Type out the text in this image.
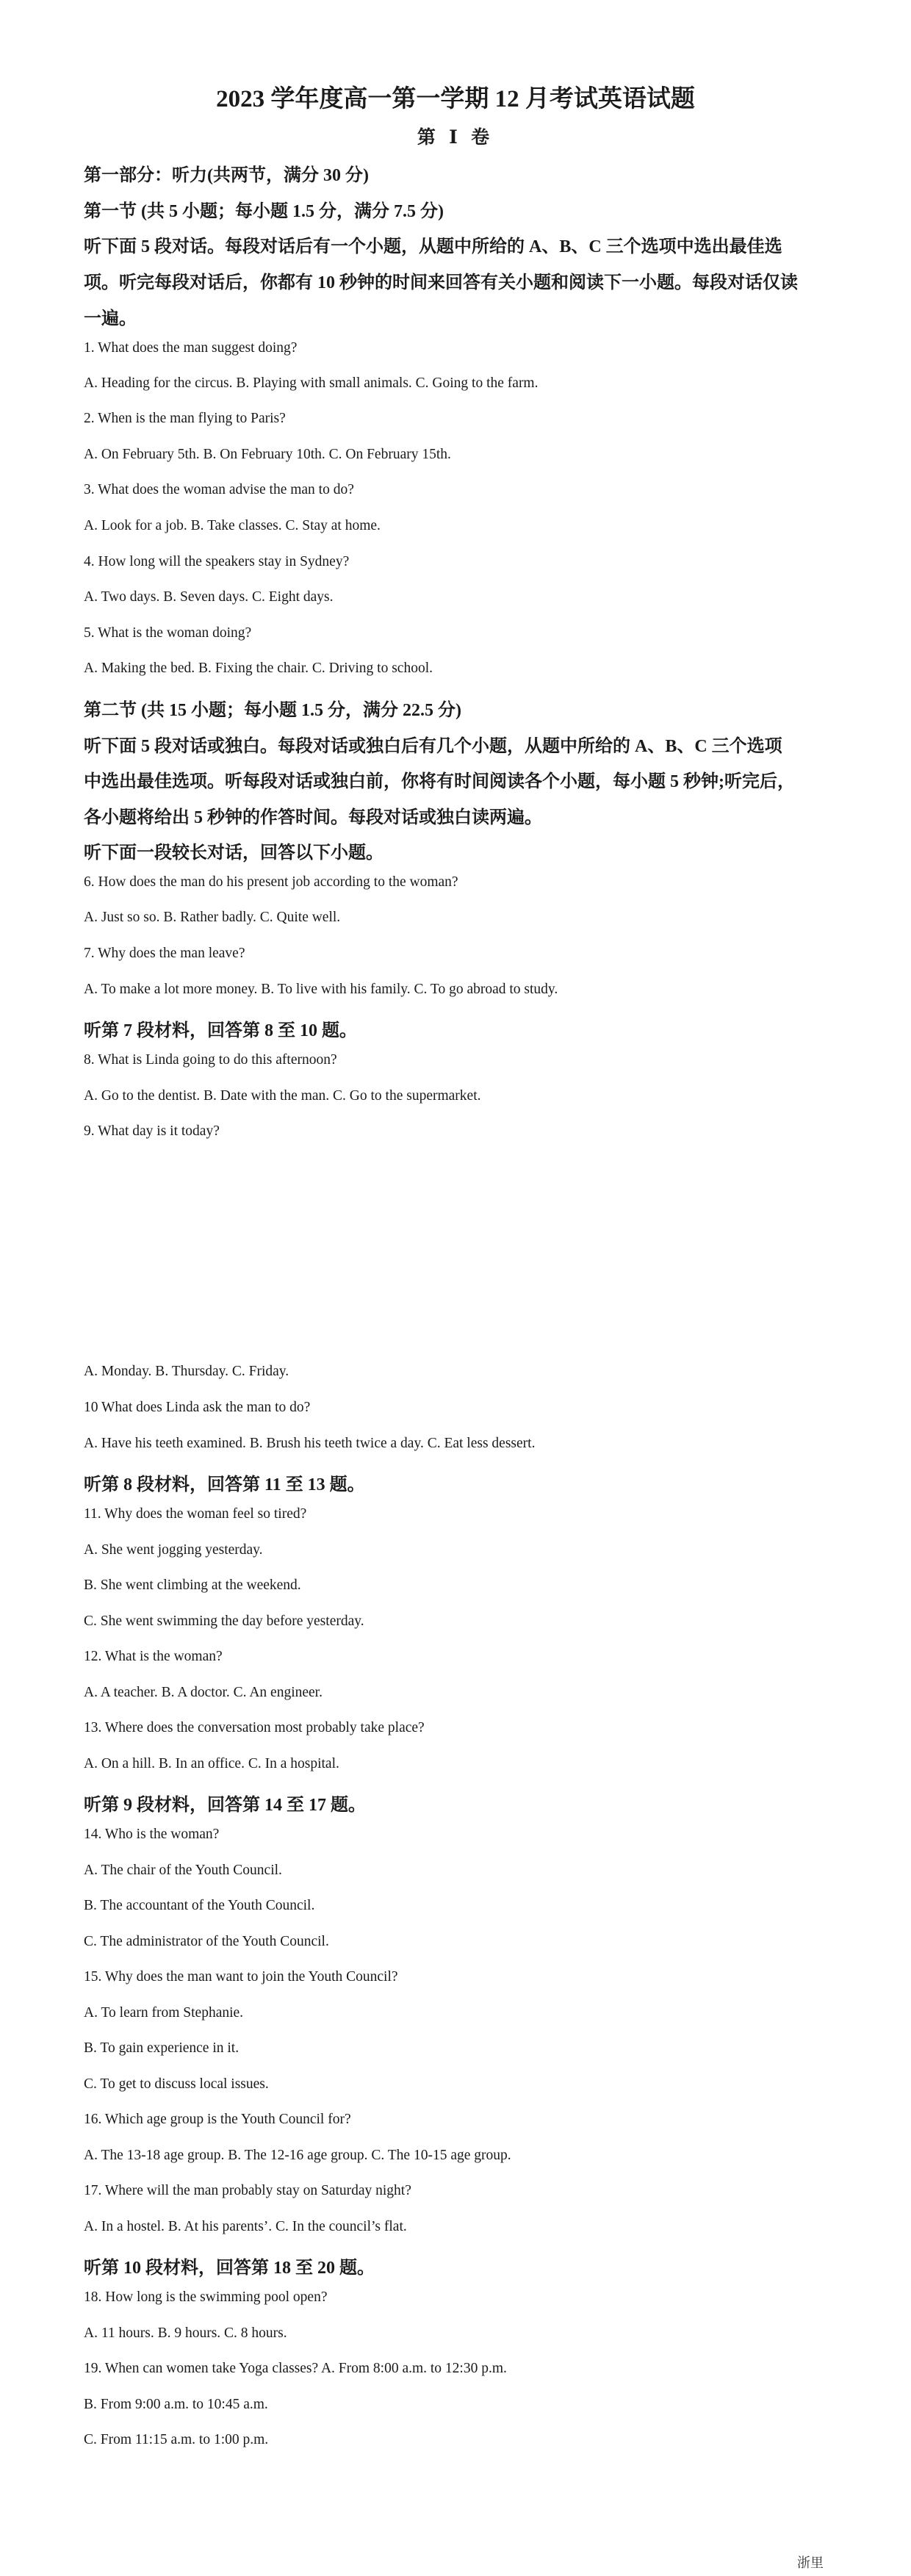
2023 学年度高一第一学期 12 月考试英语试题
第 Ⅰ 卷
第一部分：听力(共两节，满分 30 分)
第一节 (共 5 小题；每小题 1.5 分，满分 7.5 分)
听下面 5 段对话。每段对话后有一个小题，从题中所给的 A、B、C 三个选项中选出最佳选
项。听完每段对话后，你都有 10 秒钟的时间来回答有关小题和阅读下一小题。每段对话仅读
一遍。
1. What does the man suggest doing?
A. Heading for the circus. B. Playing with small animals. C. Going to the farm.
2. When is the man flying to Paris?
A. On February 5th. B. On February 10th. C. On February 15th.
3. What does the woman advise the man to do?
A. Look for a job. B. Take classes. C. Stay at home.
4. How long will the speakers stay in Sydney?
A. Two days. B. Seven days. C. Eight days.
5. What is the woman doing?
A. Making the bed. B. Fixing the chair. C. Driving to school.
第二节 (共 15 小题；每小题 1.5 分，满分 22.5 分)
听下面 5 段对话或独白。每段对话或独白后有几个小题，从题中所给的 A、B、C 三个选项
中选出最佳选项。听每段对话或独白前，你将有时间阅读各个小题，每小题 5 秒钟;听完后，
各小题将给出 5 秒钟的作答时间。每段对话或独白读两遍。
听下面一段较长对话，回答以下小题。
6. How does the man do his present job according to the woman?
A. Just so so. B. Rather badly. C. Quite well.
7. Why does the man leave?
A. To make a lot more money. B. To live with his family. C. To go abroad to study.
听第 7 段材料，回答第 8 至 10 题。
8. What is Linda going to do this afternoon?
A. Go to the dentist. B. Date with the man. C. Go to the supermarket.
9. What day is it today?
A. Monday. B. Thursday. C. Friday.
10 What does Linda ask the man to do?
A. Have his teeth examined. B. Brush his teeth twice a day. C. Eat less dessert.
听第 8 段材料，回答第 11 至 13 题。
11. Why does the woman feel so tired?
A. She went jogging yesterday.
B. She went climbing at the weekend.
C. She went swimming the day before yesterday.
12. What is the woman?
A. A teacher. B. A doctor. C. An engineer.
13. Where does the conversation most probably take place?
A. On a hill. B. In an office. C. In a hospital.
听第 9 段材料，回答第 14 至 17 题。
14. Who is the woman?
A. The chair of the Youth Council.
B. The accountant of the Youth Council.
C. The administrator of the Youth Council.
15. Why does the man want to join the Youth Council?
A. To learn from Stephanie.
B. To gain experience in it.
C. To get to discuss local issues.
16. Which age group is the Youth Council for?
A. The 13-18 age group. B. The 12-16 age group. C. The 10-15 age group.
17. Where will the man probably stay on Saturday night?
A. In a hostel. B. At his parents’. C. In the council’s flat.
听第 10 段材料，回答第 18 至 20 题。
18. How long is the swimming pool open?
A. 11 hours. B. 9 hours. C. 8 hours.
19. When can women take Yoga classes? A. From 8:00 a.m. to 12:30 p.m.
B. From 9:00 a.m. to 10:45 a.m.
C. From 11:15 a.m. to 1:00 p.m.
浙里
